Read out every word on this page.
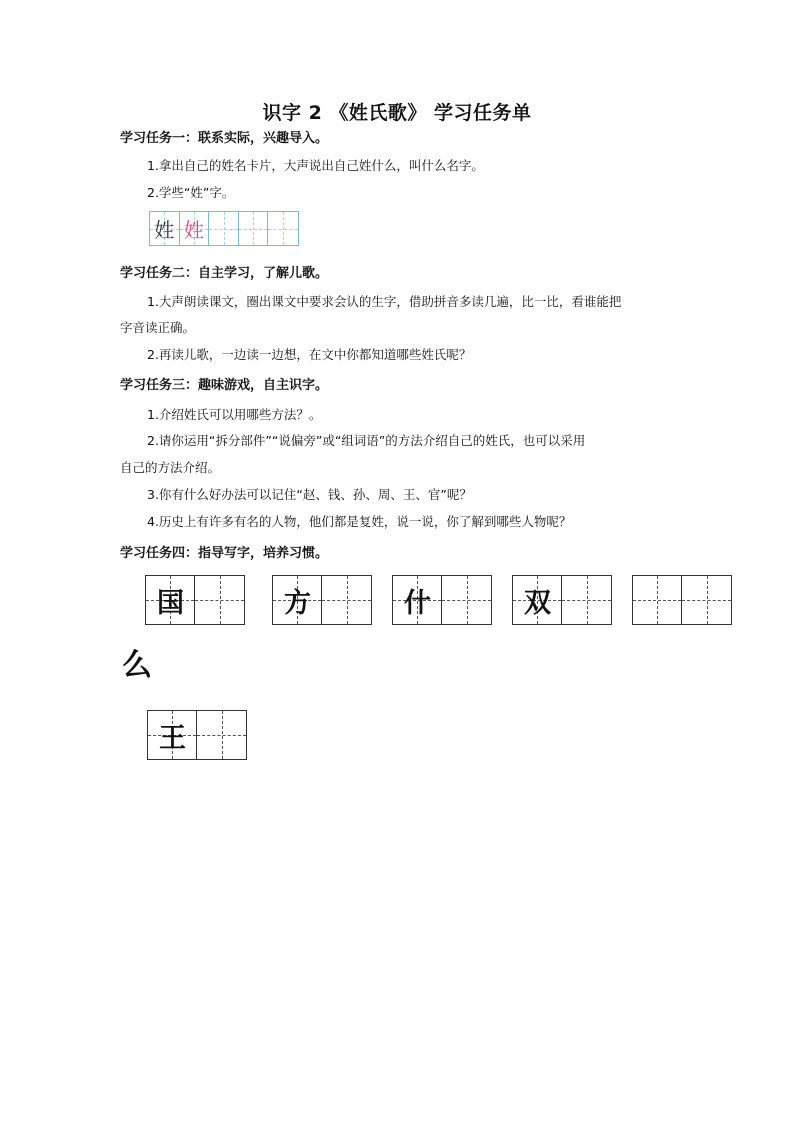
识字 2 《姓氏歌》 学习任务单
学习任务一：联系实际，兴趣导入。
1.拿出自己的姓名卡片，大声说出自己姓什么，叫什么名字。
2.学些“姓”字。
姓 姓
学习任务二：自主学习，了解儿歌。
1.大声朗读课文，圈出课文中要求会认的生字，借助拼音多读几遍，比一比，看谁能把
字音读正确。
2.再读儿歌，一边读一边想，在文中你都知道哪些姓氏呢？
学习任务三：趣味游戏，自主识字。
1.介绍姓氏可以用哪些方法？。
2.请你运用“拆分部件”“说偏旁”或“组词语”的方法介绍自己的姓氏，也可以采用
自己的方法介绍。
3.你有什么好办法可以记住“赵、钱、孙、周、王、官”呢？
4.历史上有许多有名的人物，他们都是复姓，说一说，你了解到哪些人物呢？
学习任务四：指导写字，培养习惯。
国	方	什	双
么
王
